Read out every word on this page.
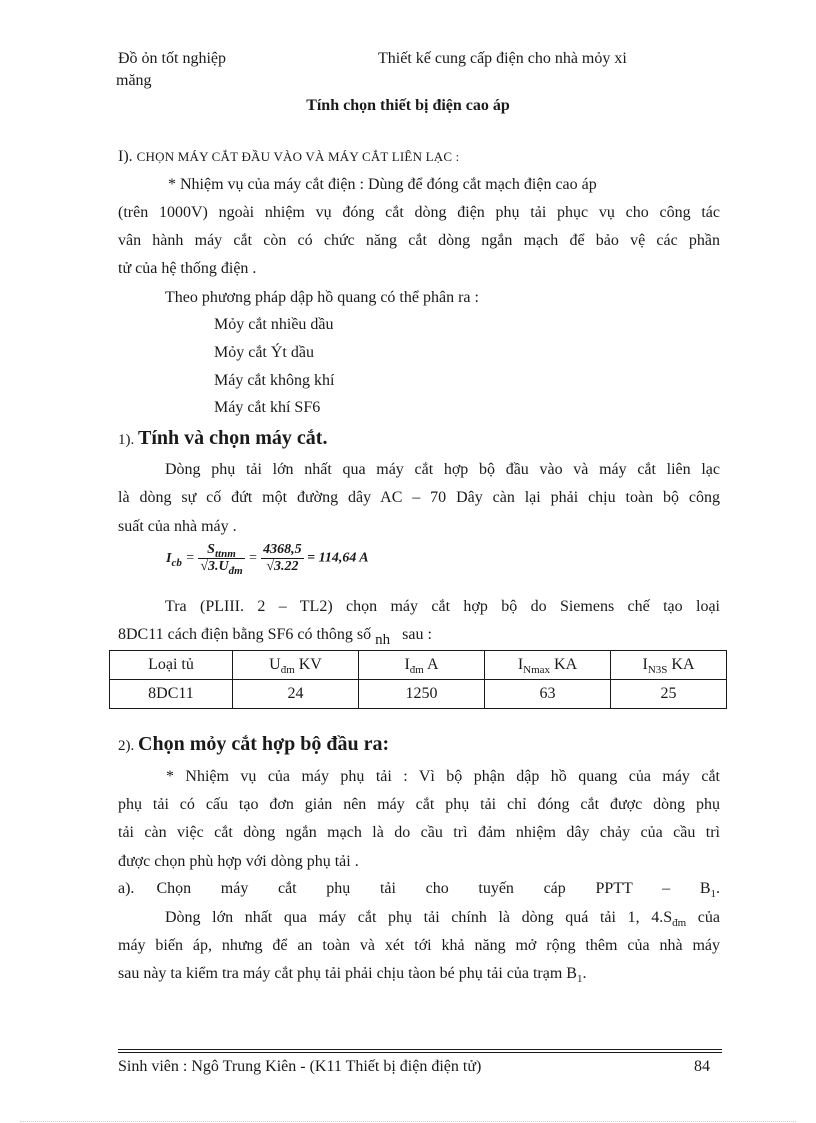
Đồ ỏn tốt nghiệp	Thiết kế cung cấp điện cho nhà mỏy xi
măng
Tính chọn thiết bị điện cao áp
I). CHỌN MÁY CẮT ĐẦU VÀO VÀ MÁY CẮT LIÊN LẠC :
* Nhiệm vụ của máy cắt điện : Dùng để đóng cắt mạch điện cao áp
(trên 1000V) ngoài nhiệm vụ đóng cắt dòng điện phụ tải phục vụ cho công tác
vân hành máy cắt còn có chức năng cắt dòng ngắn mạch để bảo vệ các phần
tử của hệ thống điện .
Theo phương pháp dập hồ quang có thể phân ra :
Mỏy cắt nhiều dầu
Mỏy cắt Ýt dầu
Máy cắt không khí
Máy cắt khí SF6
1). Tính và chọn máy cắt.
Dòng phụ tải lớn nhất qua máy cắt hợp bộ đầu vào và máy cắt liên lạc
là dòng sự cố đứt một đường dây AC – 70 Dây càn lại phải chịu toàn bộ công
suất của nhà máy .
$I_{cb} = \frac{S_{ttnm}}{√3.U_{đm}} = \frac{4368,5}{√3.22} = 114,64$ A
Tra (PLIII. 2 – TL2) chọn máy cắt hợp bộ do Siemens chế tạo loại
8DC11 cách điện bằng SF6 có thông số nh sau :
Loại tủ	$U_{đm}$ KV	$I_{đm}$ A	$I_{Nmax}$ KA	$I_{N3S}$ KA
8DC11	24	1250	63	25
2). Chọn mỏy cắt hợp bộ đầu ra:
* Nhiệm vụ của máy phụ tải : Vì bộ phận dập hồ quang của máy cắt
phụ tải có cấu tạo đơn giản nên máy cắt phụ tải chỉ đóng cắt được dòng phụ
tải càn việc cắt dòng ngắn mạch là do cầu trì đảm nhiệm dây chảy của cầu trì
được chọn phù hợp với dòng phụ tải .
a). Chọn máy cắt phụ tải cho tuyến cáp PPTT – $B_1$.
Dòng lớn nhất qua máy cắt phụ tải chính là dòng quá tải 1, $4.S_{đm}$ của
máy biến áp, nhưng để an toàn và xét tới khả năng mở rộng thêm của nhà máy
sau này ta kiểm tra máy cắt phụ tải phải chịu tàon bé phụ tải của trạm $B_1$.
Sinh viên : Ngô Trung Kiên - (K11 Thiết bị điện điện tử)	84
